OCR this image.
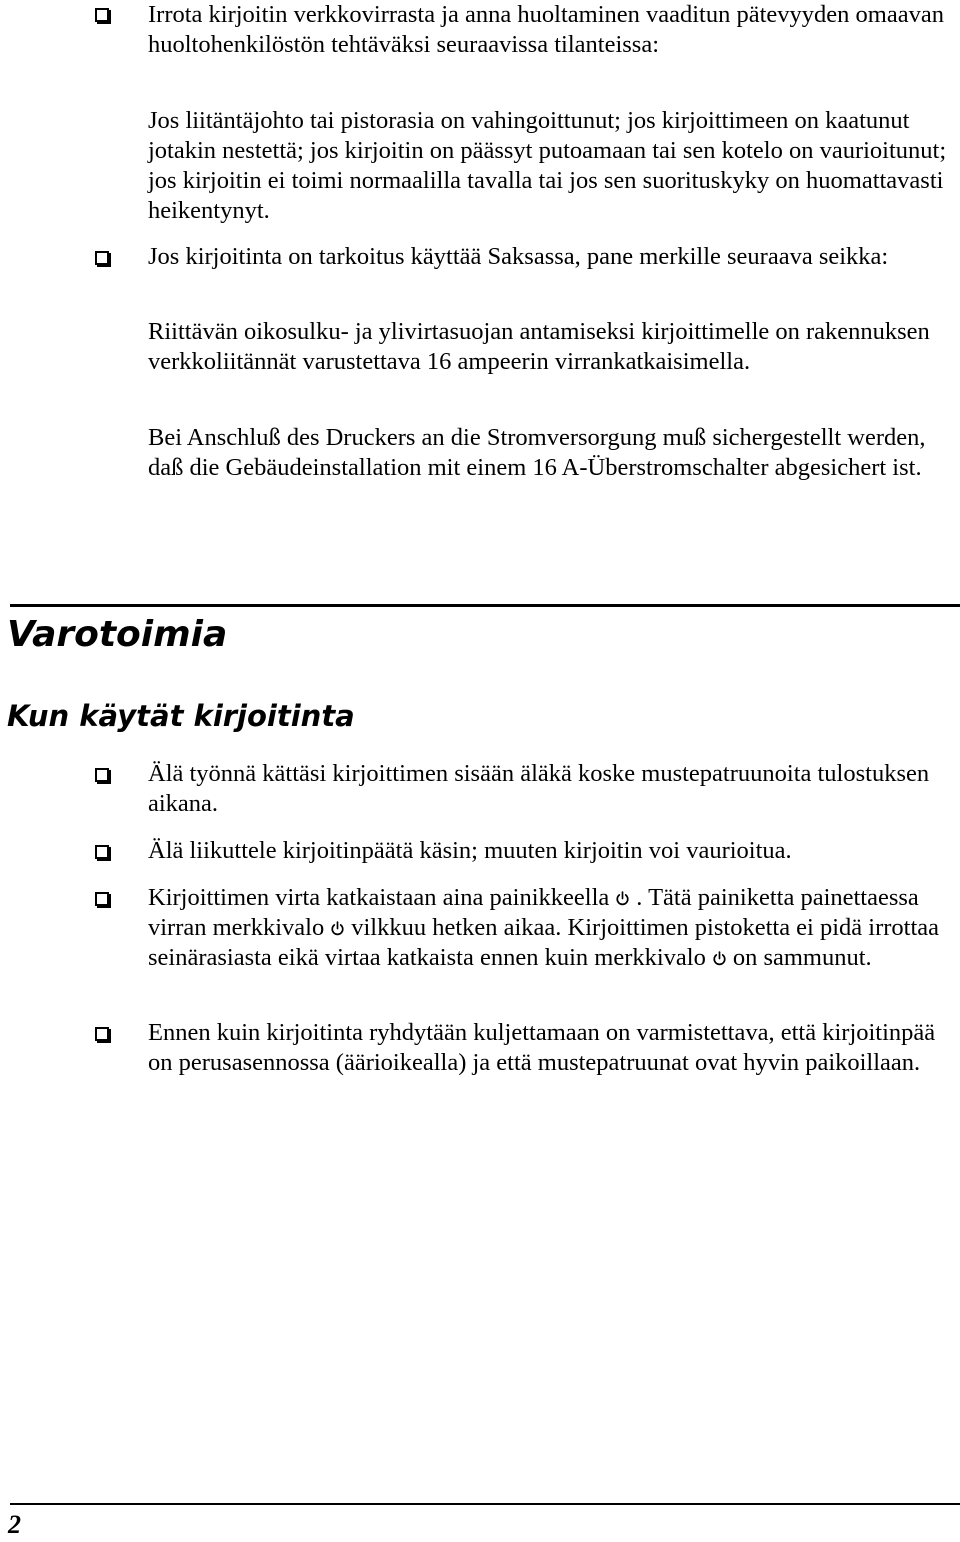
Irrota kirjoitin verkkovirrasta ja anna huoltaminen vaaditun pätevyyden omaavan huoltohenkilöstön tehtäväksi seuraavissa tilanteissa:

Jos liitäntäjohto tai pistorasia on vahingoittunut; jos kirjoittimeen on kaatunut jotakin nestettä; jos kirjoitin on päässyt putoamaan tai sen kotelo on vaurioitunut; jos kirjoitin ei toimi normaalilla tavalla tai jos sen suorituskyky on huomattavasti heikentynyt.

Jos kirjoitinta on tarkoitus käyttää Saksassa, pane merkille seuraava seikka:

Riittävän oikosulku- ja ylivirtasuojan antamiseksi kirjoittimelle on rakennuksen verkkoliitännät varustettava 16 ampeerin virrankatkaisimella.

Bei Anschluß des Druckers an die Stromversorgung muß sichergestellt werden, daß die Gebäudeinstallation mit einem 16 A-Überstromschalter abgesichert ist.

Varotoimia
Kun käytät kirjoitinta

Älä työnnä kättäsi kirjoittimen sisään äläkä koske mustepatruunoita tulostuksen aikana.

Älä liikuttele kirjoitinpäätä käsin; muuten kirjoitin voi vaurioitua.

Kirjoittimen virta katkaistaan aina painikkeella . Tätä painiketta painettaessa virran merkkivalo vilkkuu hetken aikaa. Kirjoittimen pistoketta ei pidä irrottaa seinärasiasta eikä virtaa katkaista ennen kuin merkkivalo on sammunut.

Ennen kuin kirjoitinta ryhdytään kuljettamaan on varmistettava, että kirjoitinpää on perusasennossa (äärioikealla) ja että mustepatruunat ovat hyvin paikoillaan.

2
